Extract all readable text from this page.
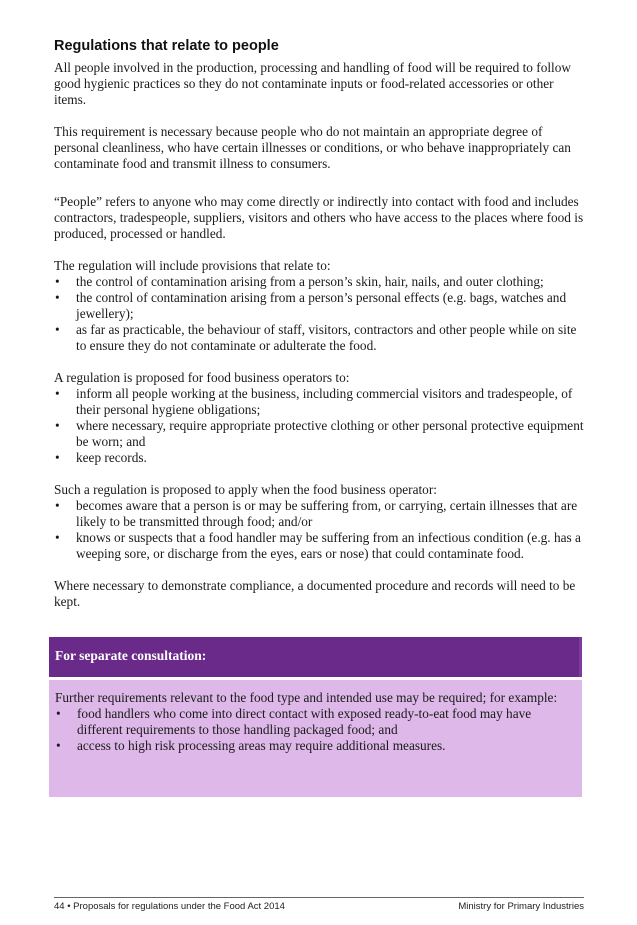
Regulations that relate to people

All people involved in the production, processing and handling of food will be required to follow good hygienic practices so they do not contaminate inputs or food-related accessories or other items.

This requirement is necessary because people who do not maintain an appropriate degree of personal cleanliness, who have certain illnesses or conditions, or who behave inappropriately can contaminate food and transmit illness to consumers.

“People” refers to anyone who may come directly or indirectly into contact with food and includes contractors, tradespeople, suppliers, visitors and others who have access to the places where food is produced, processed or handled.

The regulation will include provisions that relate to:

• the control of contamination arising from a person’s skin, hair, nails, and outer clothing;
• the control of contamination arising from a person’s personal effects (e.g. bags, watches and jewellery);
• as far as practicable, the behaviour of staff, visitors, contractors and other people while on site to ensure they do not contaminate or adulterate the food.

A regulation is proposed for food business operators to:

• inform all people working at the business, including commercial visitors and tradespeople, of their personal hygiene obligations;
• where necessary, require appropriate protective clothing or other personal protective equipment be worn; and
• keep records.

Such a regulation is proposed to apply when the food business operator:

• becomes aware that a person is or may be suffering from, or carrying, certain illnesses that are likely to be transmitted through food; and/or
• knows or suspects that a food handler may be suffering from an infectious condition (e.g. has a weeping sore, or discharge from the eyes, ears or nose) that could contaminate food.

Where necessary to demonstrate compliance, a documented procedure and records will need to be kept.

For separate consultation:

Further requirements relevant to the food type and intended use may be required; for example:

• food handlers who come into direct contact with exposed ready-to-eat food may have different requirements to those handling packaged food; and
• access to high risk processing areas may require additional measures.
44 • Proposals for regulations under the Food Act 2014	Ministry for Primary Industries
